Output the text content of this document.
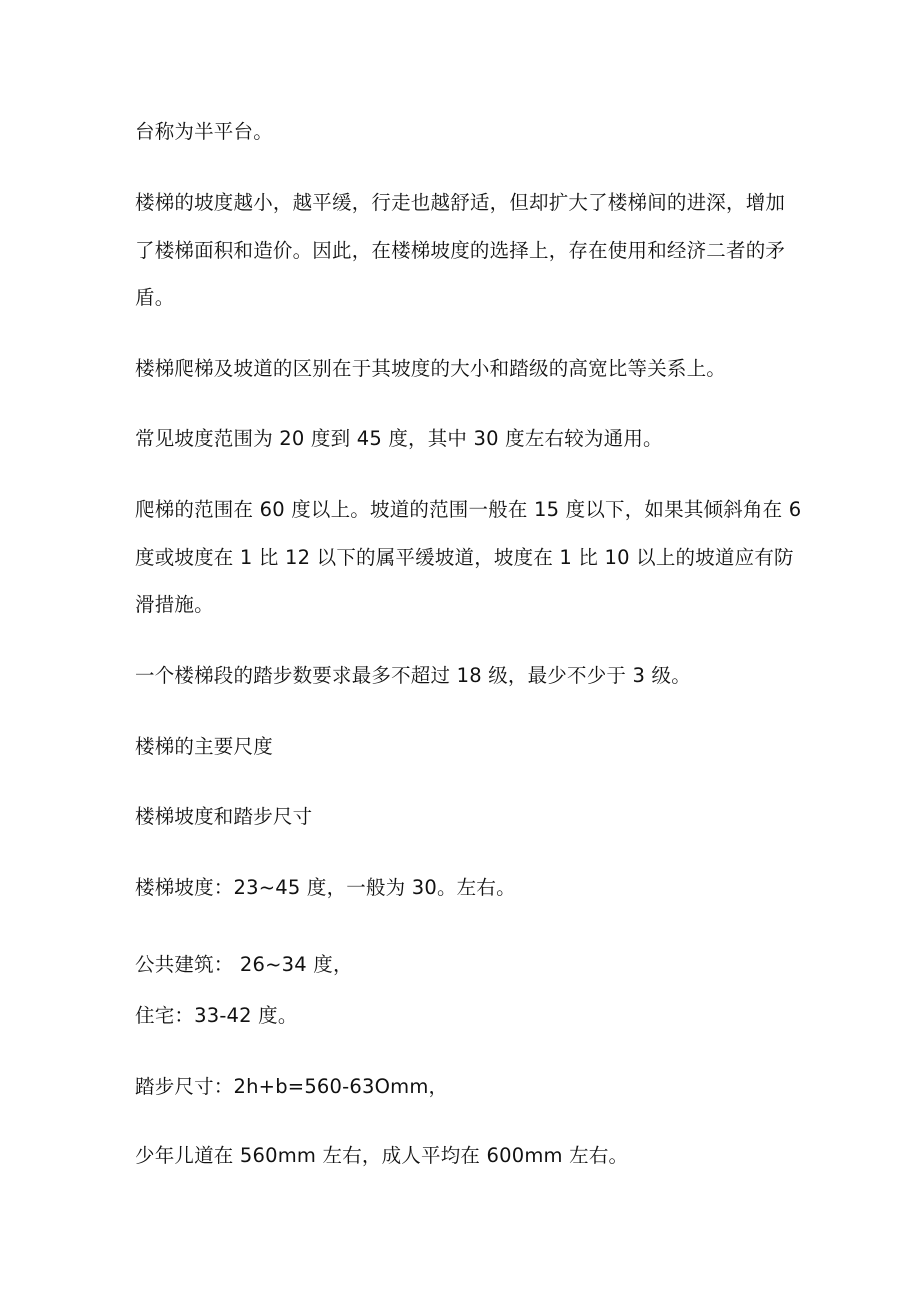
台称为半平台。
楼梯的坡度越小，越平缓，行走也越舒适，但却扩大了楼梯间的进深，增加
了楼梯面积和造价。因此，在楼梯坡度的选择上，存在使用和经济二者的矛
盾。
楼梯爬梯及坡道的区别在于其坡度的大小和踏级的高宽比等关系上。
常见坡度范围为 20 度到 45 度，其中 30 度左右较为通用。
爬梯的范围在 60 度以上。坡道的范围一般在 15 度以下，如果其倾斜角在 6
度或坡度在 1 比 12 以下的属平缓坡道，坡度在 1 比 10 以上的坡道应有防
滑措施。
一个楼梯段的踏步数要求最多不超过 18 级，最少不少于 3 级。
楼梯的主要尺度
楼梯坡度和踏步尺寸
楼梯坡度：23~45 度，一般为 30。左右。
公共建筑： 26~34 度，
住宅：33-42 度。
踏步尺寸：2h+b=560-63Omm，
少年儿道在 560mm 左右，成人平均在 600mm 左右。
